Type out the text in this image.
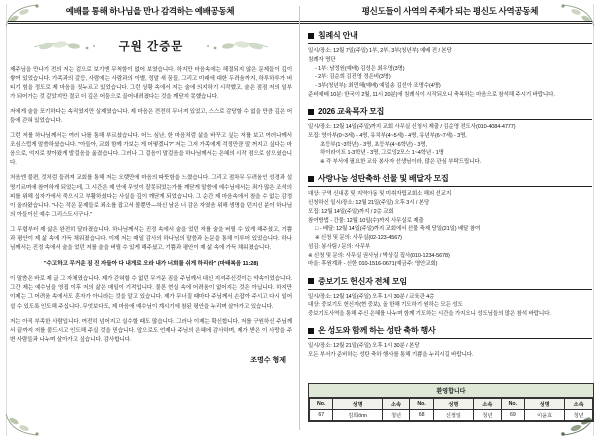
예배를 통해 하나님을 만나 감격하는 예배공동체	평신도들이 사역의 주체가 되는 평신도 사역공동체
구원 간증문

제주님을 만나기 전의 저는 겉으로 보기엔 무척함이 없어 보였습니다. 하지만 마음속에는 해결되지 않은 문제들이 깊이 쌓여 있었습니다. 가족과의 갈등, 사람에는 사람과의 이별, 정말 새 꿈들, 그리고 미래에 대한 두려움까지, 하루하루가 버티기 힘을 정도로 제 마음을 짓누르고 있었습니다. 그런 상황 속에서 저는 술에 의지하기 시작했고, 술은 점점 저의 일부가 되어가는 것 같았지만 결코 더 깊은 어둠으로 끌어내려졌다는 것을 깨닫지 못했습니다.

저에게 술을 포기하다는 속직였지만 실제였습니다. 제 마음은 전전히 무너져 있었고, 스스로 감당할 수 없을 만큼 깊은 어둠에 갇혀 있었습니다.

그런 저를 하나님께서는 여러 나를 통해 부르셨습니다. 어느 심난, 한 마음처럼 삶을 바꾸고 싶는 저를 보고 여러나께서 조심스럽게 말씀하셨습니다. "아들아, 교회 함께 가보는 게 어떻겠니?" 저는 그저 가족에게 걱정만큼 말 꺼지고 싶다는 마음으로, 억지로 찾아왔게 발걸음을 옮겼습니다. 그러나 그 걸음이 말걸음을 하나님께서는 은혜의 시작 점으로 삼으셨습니다.

처음엔 불편, 것처럼 들려져 교회를 통해 저는 오랫만에 마음의 따뜻함을 느꼈습니다. 그리고 점차무 두려움인 성경과 설명기르며에 참여하게 되었는데, 그 시간은 제 안에 무엇이 잘못되었는가를 깨닫게 말씀에 예수님에서는 죄가 많은 조석의 피를 위해 십자가에서 죽으시고 부활하셨다는 사실을 깊이 깨닫게 되었습니다. 그 순간 제 마음속에서 참을 수 없는 감정이 올라왔습니다. "나는 작은 문제들로 죄소를 잡고서 볼뿐만—하신 남은 너 감은 자였음 위해 생명을 던지신 분이 하나님의 아들이신 예수 그리스도시구나."

그 무렵부터 제 삶은 완전히 달라졌습니다. 하나님께서는 진정 속에서 술을 었던 저를 술을 버릴 수 있게 해주셨고, 기쁨과 평안이 제 삶 속에 가득 채워졌습니다. 이제 저는 매일 감사의 하나님의 말씀과 논문을 통해 이루어 있었습니다. 하나님께서는 진정 속에서 술을 었던 저를 술을 버릴 수 있게 해주셨고, 기쁨과 평안이 제 삶 속에 가득 채워졌습니다.

"수고하고 무거운 짐 진 자들아 다 내게로 오라 내가 너희를 쉬게 하리라" (마태복음 11:28)

이 말씀은 바로 제 글 그 자체였습니다. 제가 갇혀할 수 없던 무거운 짐을 주님께서 대신 지셔주신것이는 약속이었습니다. 그간 제는 예수님을 영접 이후 저의 삶은 매일이 기적입니다. 물론 현실 속에 어려움이 없어지는 것은 아닙니다. 하지만 이제는 그 어려움 속에서도 혼자가 아니라는 것을 알고 있습니다. 제가 무너질 때마다 주님께서 손잡아 주시고 다시 일어설 수 있도록 인도해 주십니다. 무엇보다도, 제 마음에 예수님이 계시기에 참된 평안을 누리며 살아가고 있습니다.

저는 아직 부족한 사람입니다. 여전히 넘어지고 실수할 때도 많습니다. 그러나 이제는 확신합니다. 저를 구원하신 주님께서 끝까지 저를 붙드시고 인도해 주실 것을 믿습니다. 앞으로도 언제나 주님의 은혜에 감사하며, 제가 받은 이 사랑을 주변 사람들과 나누며 살아가고 싶습니다. 감사합니다.

조명수 형제
침례식 안내
일시/장소: 12월 7일(주일) 1부, 2부, 3부(청년부) 예배 전 / 본당
침례자 명단
- 1부: 남정원(예배) 김성은 최우영(3명)
- 2부: 김순희 김진영 정은비(3명)
- 3부(청년부): 최민혜(예배) 예일송 김선아 조명수(4명)
준비예배 10분: 한국이 2월, 11시 20분)에 침례식이 시작되오니 축복하는 마음으로 참석해 주시기 바랍니다.
2026 교육목자 모집
일시/장소: 12월 14일(주일)까지 교회 사무실 신청서 제출 / 김순영 전도사(010-4084-4777)
모집: 영아부(0~3세) - 4명, 유치부(4~5세) - 4명, 유년부(6~7세) - 3명,
초등부(1~3학년) - 3명, 초등부(4~6학년) - 3명,
하이라이트 1-3학년 - 3명, 그로잉2모스 1~4학년 - 1명
※ 각 부서에 필요한 교육 봉사자 선생님이라, 많은 관심 부탁드립니다.
사랑나눔 성탄축하 선물 및 배달자 모집
대상: 구역 신내종 및 지역아동 및 미취자립교회소 해외 선교지
신청하신 일시/장소: 12월 21일(주일) 오후 3시 / 본당
모집: 12월 14일(주일)까지 / 2층 교회
참여방법 - 간물: 12월 10일(수)까지 사무실로 제출
□ - 배달: 12월 14일(주일)까지 교회에서 선물 축제 당일(21일) 배달 참여
※ 신청 및 문의: 사무실(02-123-4567)
섬김: 봉사팀 / 문의: 사무부
※ 신청 및 문의: 사무실 권사님 / 박상길 집사(010-1234-5678)
마을: 후원계좌 - 신한 010-1516-0671(예금주: 영안교회)
중보기도 헌신자 전체 모임
일시/장소: 12월 14일(주일) 오후 1시 30분 / 교육관 4층
대상: 중보기도 헌신자(현 중보), 올 한해 기도하기 원하는 모든 성도
중보기도사역을 통해 주신 은혜를 나누며 함께 기도하는 시간을 가지오니 성도님들의 많은 참석 바랍니다.
온 성도와 함께 하는 성탄 축하 행사
일시/장소: 12월 21일(주일) 오후 1시 30분 / 본당
모든 부서가 준비하는 성탄 축하 행사를 통해 기쁨을 누리시길 바랍니다.
환영합니다
No.	성명	소속	No.	성명	소속	No.	성명	소속
67	김희önn	청년	68	신정일	청년	69	이윤효	청년
